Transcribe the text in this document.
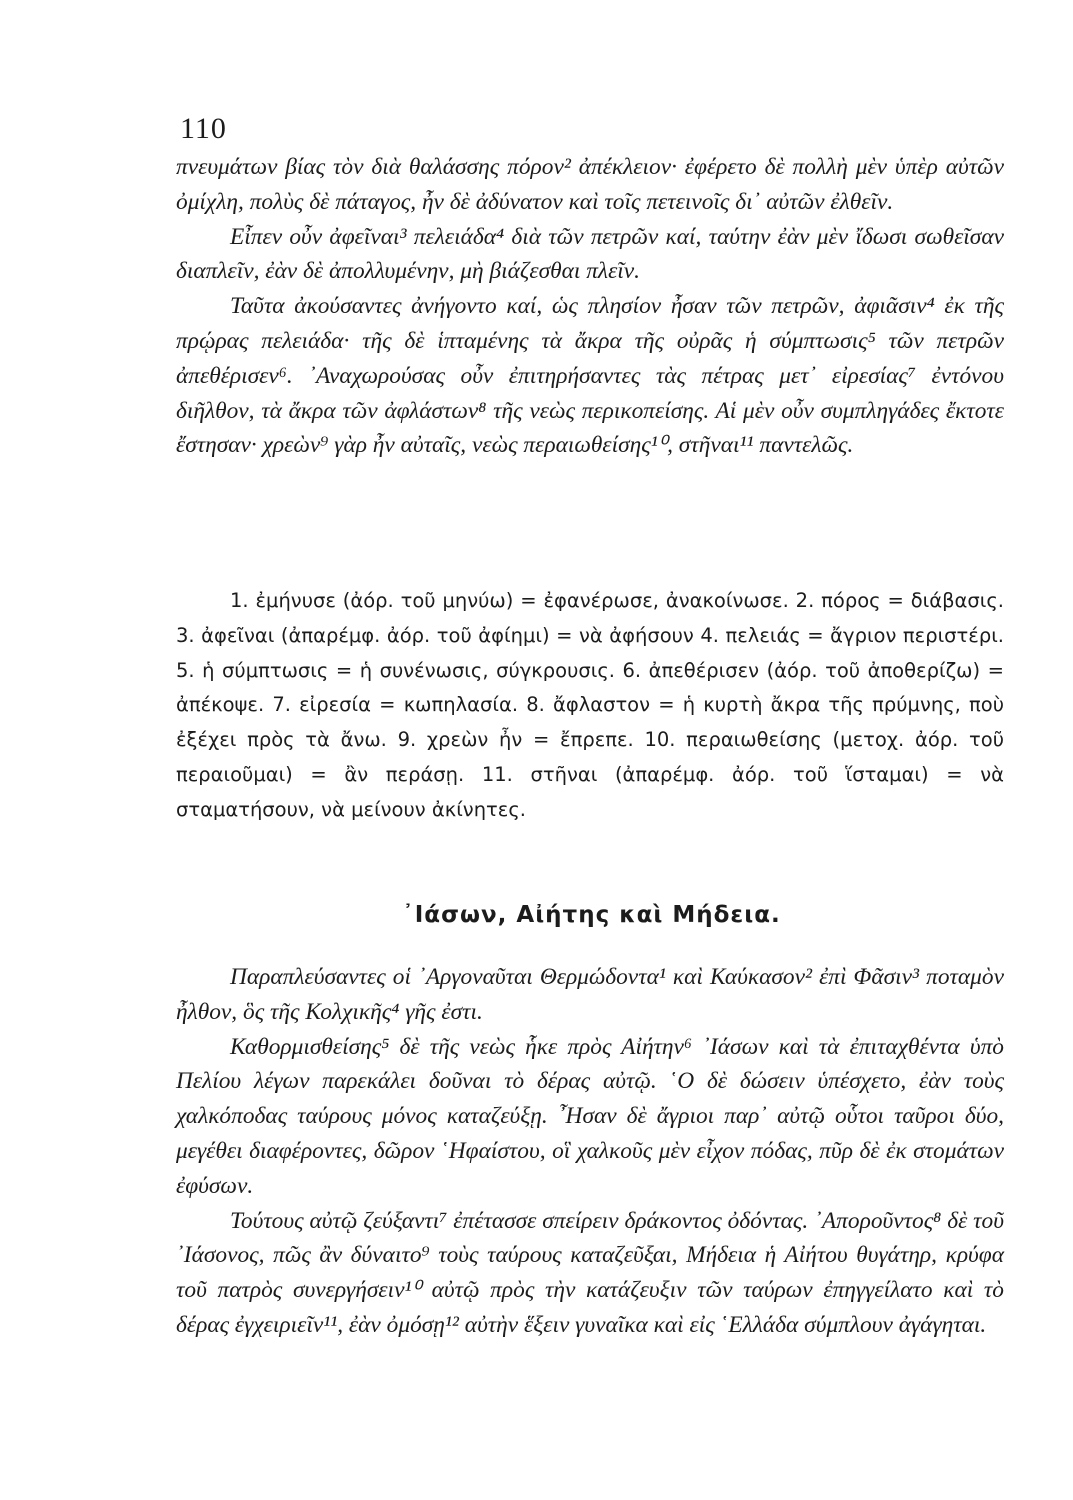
110

πνευμάτων βίας τὸν διὰ θαλάσσης πόρον² ἀπέκλειον· ἐφέρετο δὲ πολλὴ μὲν ὑπὲρ αὐτῶν ὀμίχλη, πολὺς δὲ πάταγος, ἦν δὲ ἀδύνατον καὶ τοῖς πετεινοῖς δι᾿ αὐτῶν ἐλθεῖν.

Εἶπεν οὖν ἀφεῖναι³ πελειάδα⁴ διὰ τῶν πετρῶν καί, ταύτην ἐὰν μὲν ἴδωσι σωθεῖσαν διαπλεῖν, ἐὰν δὲ ἀπολλυμένην, μὴ βιάζεσθαι πλεῖν.

Ταῦτα ἀκούσαντες ἀνήγοντο καί, ὡς πλησίον ἦσαν τῶν πετρῶν, ἀφιᾶσιν⁴ ἐκ τῆς πρῴρας πελειάδα· τῆς δὲ ἱπταμένης τὰ ἄκρα τῆς οὐρᾶς ἡ σύμπτωσις⁵ τῶν πετρῶν ἀπεθέρισεν⁶. ᾿Αναχωρούσας οὖν ἐπιτηρήσαντες τὰς πέτρας μετ᾿ εἰρεσίας⁷ ἐντόνου διῆλθον, τὰ ἄκρα τῶν ἀφλάστων⁸ τῆς νεὼς περικοπείσης. Αἱ μὲν οὖν συμπληγάδες ἔκτοτε ἔστησαν· χρεὼν⁹ γὰρ ἦν αὐταῖς, νεὼς περαιωθείσης¹⁰, στῆναι¹¹ παντελῶς.

1. ἐμήνυσε (ἀόρ. τοῦ μηνύω) = ἐφανέρωσε, ἀνακοίνωσε. 2. πόρος = διάβασις. 3. ἀφεῖναι (ἀπαρέμφ. ἀόρ. τοῦ ἀφίημι) = νὰ ἀφήσουν 4. πελειάς = ἄγριον περιστέρι. 5. ἡ σύμπτωσις = ἡ συνένωσις, σύγκρουσις. 6. ἀπεθέρισεν (ἀόρ. τοῦ ἀποθερίζω) = ἀπέκοψε. 7. εἰρεσία = κωπηλασία. 8. ἄφλαστον = ἡ κυρτὴ ἄκρα τῆς πρύμνης, ποὺ ἐξέχει πρὸς τὰ ἄνω. 9. χρεὼν ἦν = ἔπρεπε. 10. περαιωθείσης (μετοχ. ἀόρ. τοῦ περαιοῦμαι) = ἂν περάσῃ. 11. στῆναι (ἀπαρέμφ. ἀόρ. τοῦ ἵσταμαι) = νὰ σταματήσουν, νὰ μείνουν ἀκίνητες.

᾿Ιάσων, Αἰήτης καὶ Μήδεια.

Παραπλεύσαντες οἱ ᾿Αργοναῦται Θερμώδοντα¹ καὶ Καύκασον² ἐπὶ Φᾶσιν³ ποταμὸν ἦλθον, ὃς τῆς Κολχικῆς⁴ γῆς ἐστι.

Καθορμισθείσης⁵ δὲ τῆς νεὼς ἧκε πρὸς Αἰήτην⁶ ᾿Ιάσων καὶ τὰ ἐπιταχθέντα ὑπὸ Πελίου λέγων παρεκάλει δοῦναι τὸ δέρας αὐτῷ. ῾Ο δὲ δώσειν ὑπέσχετο, ἐὰν τοὺς χαλκόποδας ταύρους μόνος καταζεύξῃ. ῏Ησαν δὲ ἄγριοι παρ᾿ αὐτῷ οὗτοι ταῦροι δύο, μεγέθει διαφέροντες, δῶρον ῾Ηφαίστου, οἳ χαλκοῦς μὲν εἶχον πόδας, πῦρ δὲ ἐκ στομάτων ἐφύσων.

Τούτους αὐτῷ ζεύξαντι⁷ ἐπέτασσε σπείρειν δράκοντος ὀδόντας. ᾿Απορoῦντος⁸ δὲ τοῦ ᾿Ιάσονος, πῶς ἂν δύναιτο⁹ τοὺς ταύρους καταζεῦξαι, Μήδεια ἡ Αἰήτου θυγάτηρ, κρύφα τοῦ πατρὸς συνεργήσειν¹⁰ αὐτῷ πρὸς τὴν κατάζευξιν τῶν ταύρων ἐπηγγείλατο καὶ τὸ δέρας ἐγχειριεῖν¹¹, ἐὰν ὀμόσῃ¹² αὐτὴν ἕξειν γυναῖκα καὶ εἰς ῾Ελλάδα σύμπλουν ἀγάγηται.
